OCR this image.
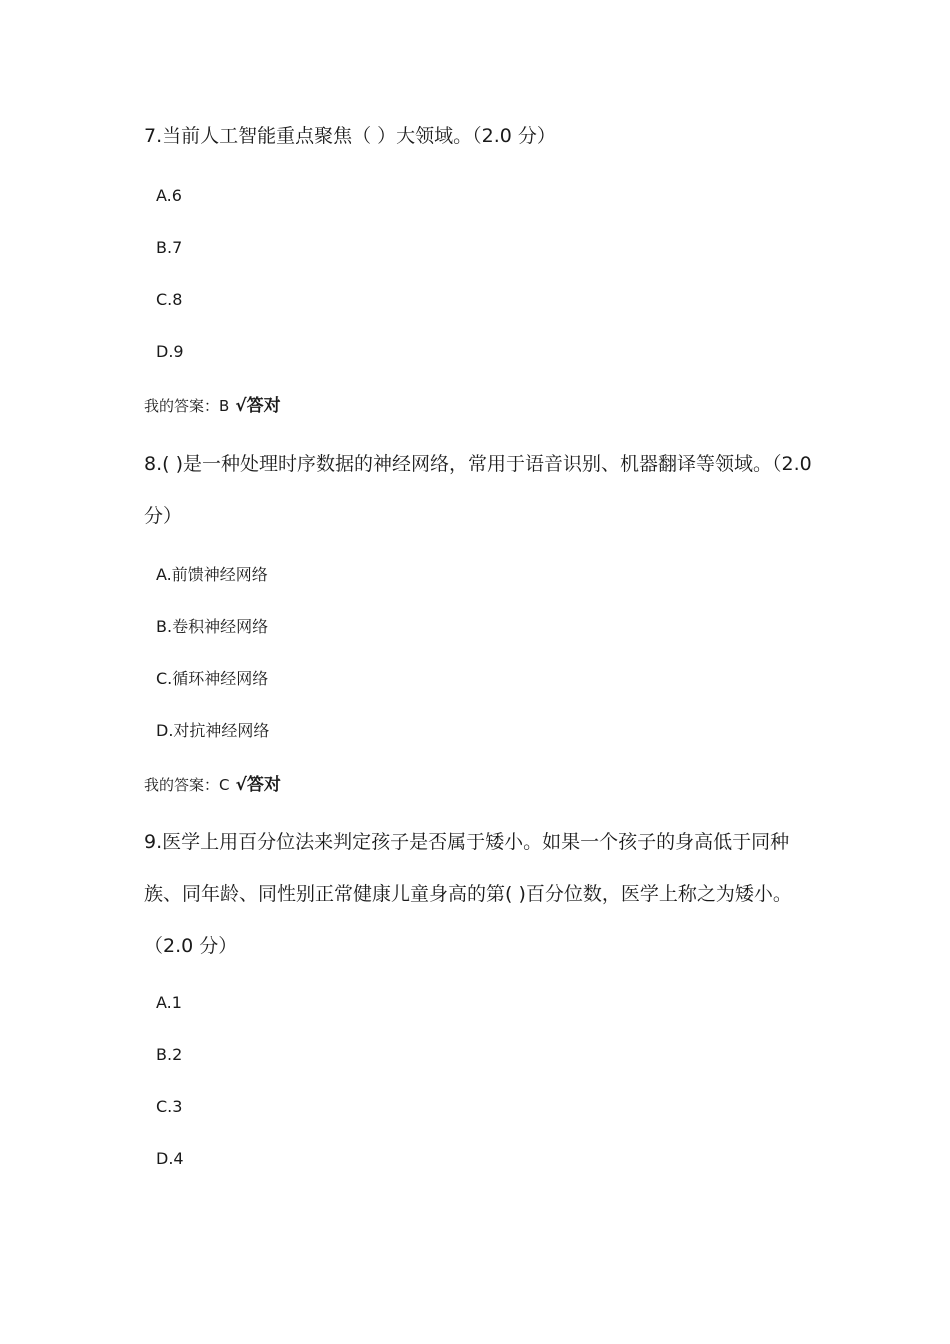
7.当前人工智能重点聚焦（ ）大领域。（2.0 分）

A.6

B.7

C.8

D.9

我的答案：B √答对

8.( )是一种处理时序数据的神经网络，常用于语音识别、机器翻译等领域。（2.0 分）

A.前馈神经网络

B.卷积神经网络

C.循环神经网络

D.对抗神经网络

我的答案：C √答对

9.医学上用百分位法来判定孩子是否属于矮小。如果一个孩子的身高低于同种族、同年龄、同性别正常健康儿童身高的第( )百分位数，医学上称之为矮小。（2.0 分）

A.1

B.2

C.3

D.4
